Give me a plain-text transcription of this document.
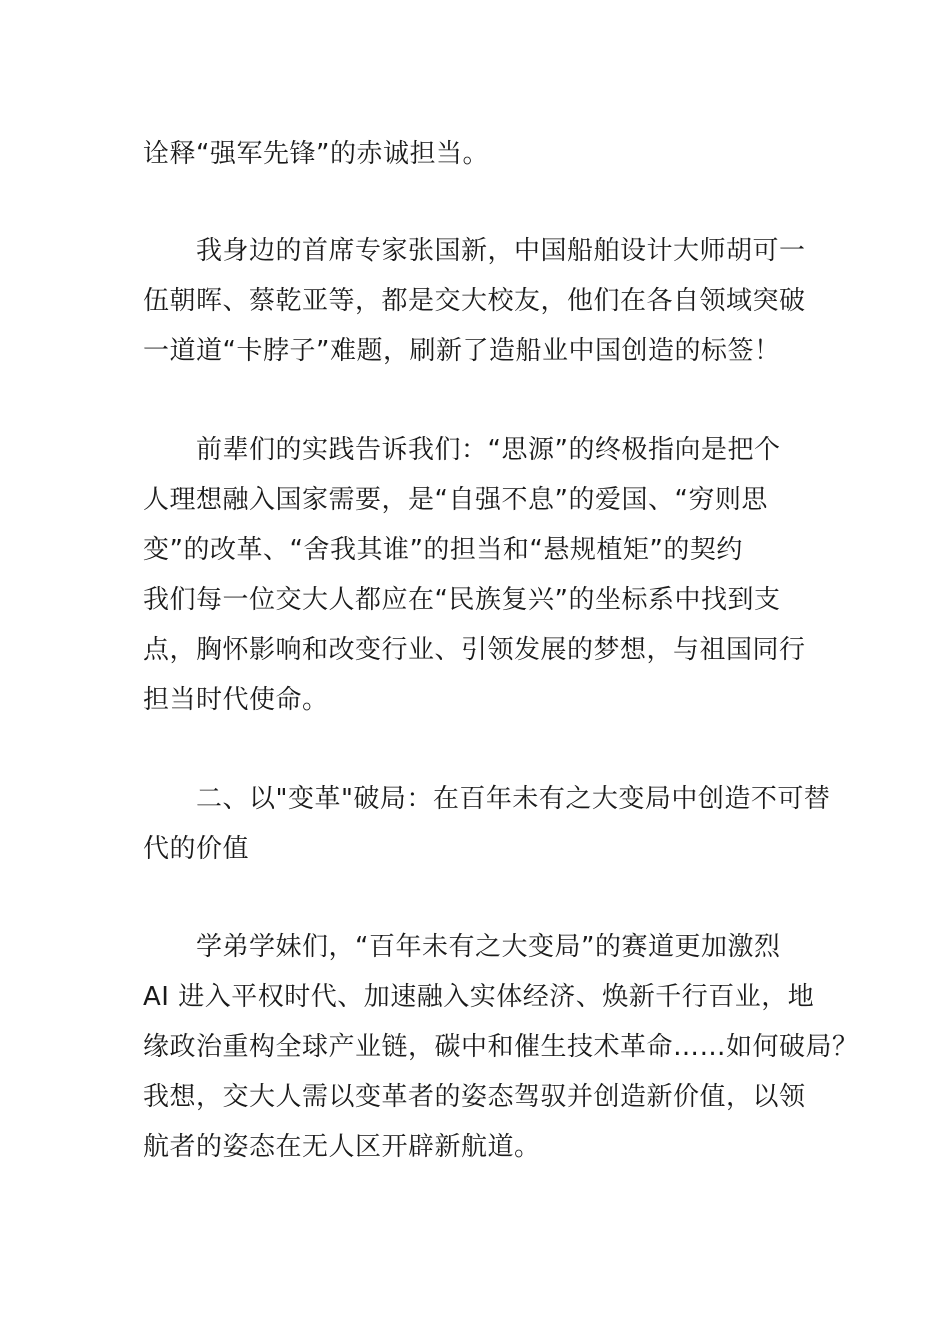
诠释“强军先锋”的赤诚担当。

我身边的首席专家张国新，中国船舶设计大师胡可一

伍朝晖、蔡乾亚等，都是交大校友，他们在各自领域突破

一道道“卡脖子”难题，刷新了造船业中国创造的标签！

前辈们的实践告诉我们：“思源”的终极指向是把个

人理想融入国家需要，是“自强不息”的爱国、“穷则思

变”的改革、“舍我其谁”的担当和“悬规植矩”的契约

我们每一位交大人都应在“民族复兴”的坐标系中找到支

点，胸怀影响和改变行业、引领发展的梦想，与祖国同行

担当时代使命。

二、以"变革"破局：在百年未有之大变局中创造不可替

代的价值

学弟学妹们，“百年未有之大变局”的赛道更加激烈

AI 进入平权时代、加速融入实体经济、焕新千行百业，地

缘政治重构全球产业链，碳中和催生技术革命……如何破局？

我想，交大人需以变革者的姿态驾驭并创造新价值，以领

航者的姿态在无人区开辟新航道。
